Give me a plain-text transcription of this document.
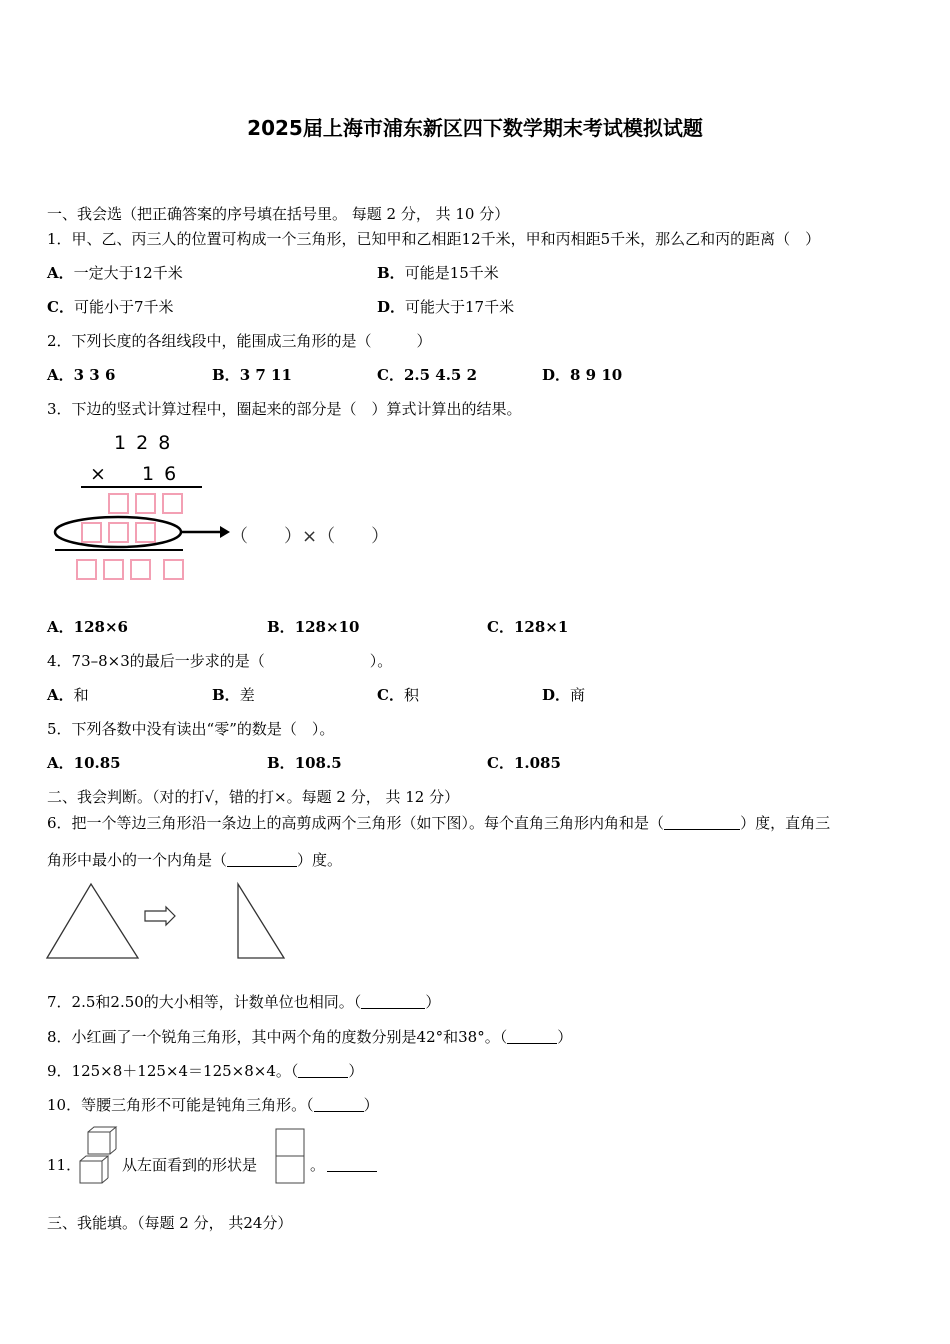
2025届上海市浦东新区四下数学期末考试模拟试题
一、我会选（把正确答案的序号填在括号里。 每题 2 分， 共 10 分）
1．甲、乙、丙三人的位置可构成一个三角形，已知甲和乙相距12千米，甲和丙相距5千米，那么乙和丙的距离（　）
A．一定大于12千米	B．可能是15千米
C．可能小于7千米	D．可能大于17千米
2．下列长度的各组线段中，能围成三角形的是（　　　）
A．3 3 6	B．3 7 11	C．2.5 4.5 2	D．8 9 10
3．下边的竖式计算过程中，圈起来的部分是（　）算式计算出的结果。
1 2 8
× 1 6
（　　）×（　　）
A．128×6	B．128×10	C．128×1
4．73–8×3的最后一步求的是（　　　　　　　）。
A．和	B．差	C．积	D．商
5．下列各数中没有读出“零”的数是（　）。
A．10.85	B．108.5	C．1.085
二、我会判断。（对的打√，错的打×。每题 2 分， 共 12 分）
6．把一个等边三角形沿一条边上的高剪成两个三角形（如下图）。每个直角三角形内角和是（	）度，直角三
角形中最小的一个内角是（	）度。
7．2.5和2.50的大小相等，计数单位也相同。（	）
8．小红画了一个锐角三角形，其中两个角的度数分别是42°和38°。（	）
9．125×8＋125×4＝125×8×4。（	）
10．等腰三角形不可能是钝角三角形。（	）
11．	从左面看到的形状是	。
三、我能填。（每题 2 分， 共24分）
